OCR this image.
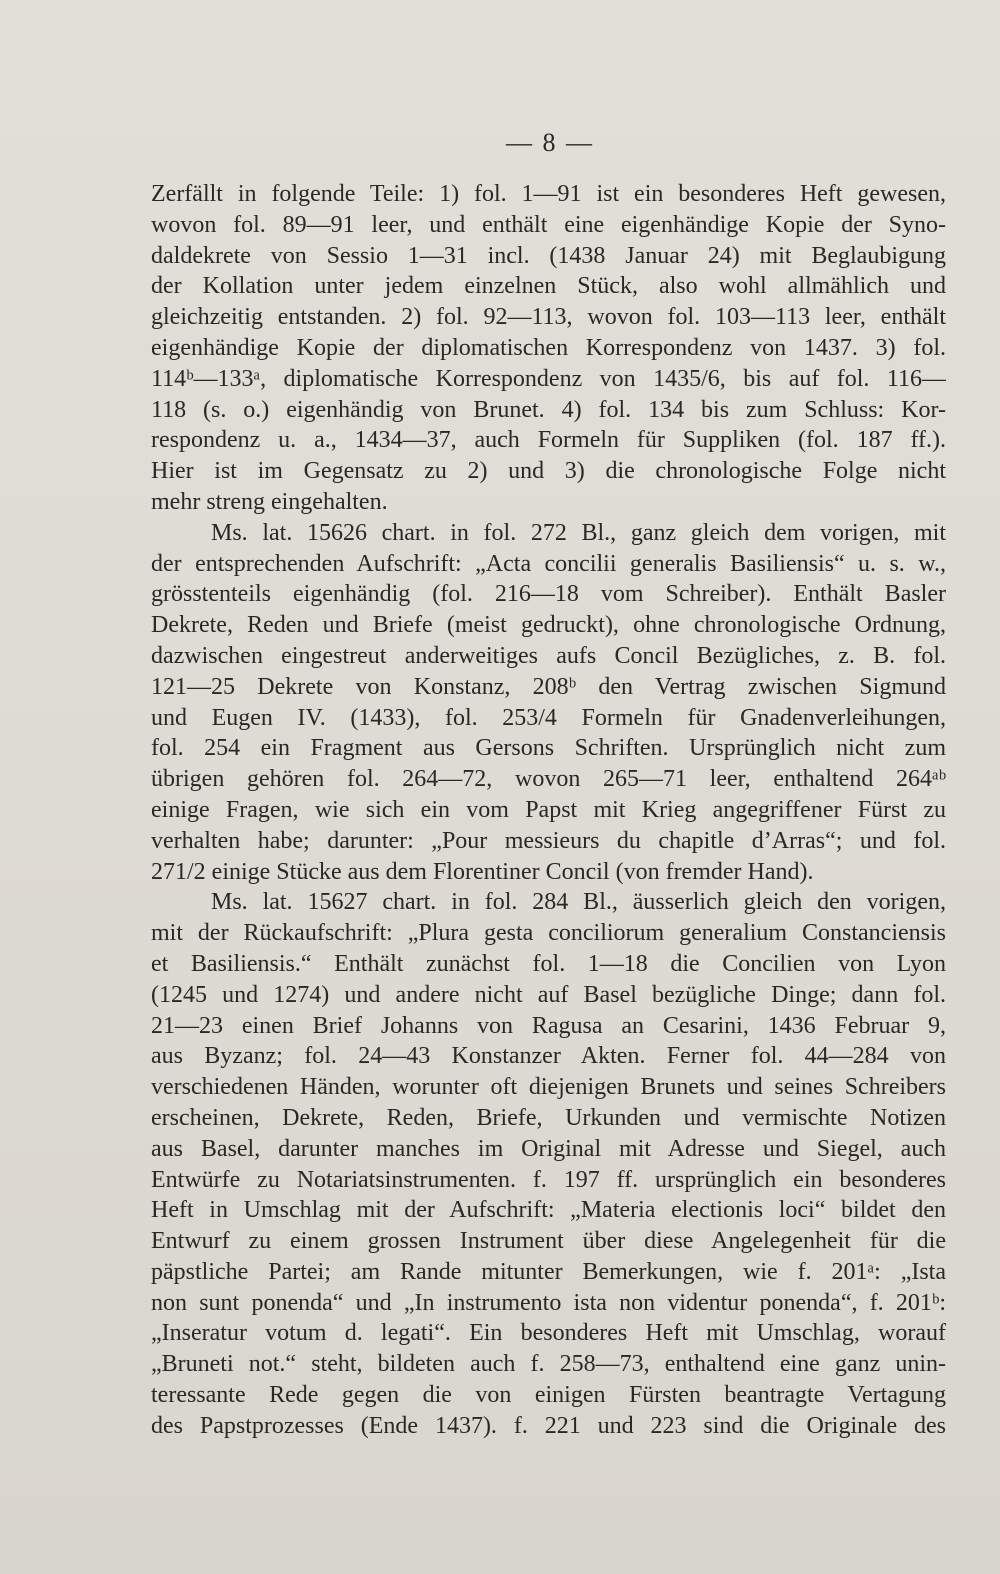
— 8 —
Zerfällt in folgende Teile: 1) fol. 1—91 ist ein besonderes Heft gewesen,
wovon fol. 89—91 leer, und enthält eine eigenhändige Kopie der Syno-
daldekrete von Sessio 1—31 incl. (1438 Januar 24) mit Beglaubigung
der Kollation unter jedem einzelnen Stück, also wohl allmählich und
gleichzeitig entstanden. 2) fol. 92—113, wovon fol. 103—113 leer, enthält
eigenhändige Kopie der diplomatischen Korrespondenz von 1437. 3) fol.
114ᵇ—133ᵃ, diplomatische Korrespondenz von 1435/6, bis auf fol. 116—
118 (s. o.) eigenhändig von Brunet. 4) fol. 134 bis zum Schluss: Kor-
respondenz u. a., 1434—37, auch Formeln für Suppliken (fol. 187 ff.).
Hier ist im Gegensatz zu 2) und 3) die chronologische Folge nicht
mehr streng eingehalten.
Ms. lat. 15626 chart. in fol. 272 Bl., ganz gleich dem vorigen, mit
der entsprechenden Aufschrift: „Acta concilii generalis Basiliensis“ u. s. w.,
grösstenteils eigenhändig (fol. 216—18 vom Schreiber). Enthält Basler
Dekrete, Reden und Briefe (meist gedruckt), ohne chronologische Ordnung,
dazwischen eingestreut anderweitiges aufs Concil Bezügliches, z. B. fol.
121—25 Dekrete von Konstanz, 208ᵇ den Vertrag zwischen Sigmund
und Eugen IV. (1433), fol. 253/4 Formeln für Gnadenverleihungen,
fol. 254 ein Fragment aus Gersons Schriften. Ursprünglich nicht zum
übrigen gehören fol. 264—72, wovon 265—71 leer, enthaltend 264ᵃᵇ
einige Fragen, wie sich ein vom Papst mit Krieg angegriffener Fürst zu
verhalten habe; darunter: „Pour messieurs du chapitle d’Arras“; und fol.
271/2 einige Stücke aus dem Florentiner Concil (von fremder Hand).
Ms. lat. 15627 chart. in fol. 284 Bl., äusserlich gleich den vorigen,
mit der Rückaufschrift: „Plura gesta conciliorum generalium Constanciensis
et Basiliensis.“ Enthält zunächst fol. 1—18 die Concilien von Lyon
(1245 und 1274) und andere nicht auf Basel bezügliche Dinge; dann fol.
21—23 einen Brief Johanns von Ragusa an Cesarini, 1436 Februar 9,
aus Byzanz; fol. 24—43 Konstanzer Akten. Ferner fol. 44—284 von
verschiedenen Händen, worunter oft diejenigen Brunets und seines Schreibers
erscheinen, Dekrete, Reden, Briefe, Urkunden und vermischte Notizen
aus Basel, darunter manches im Original mit Adresse und Siegel, auch
Entwürfe zu Notariatsinstrumenten. f. 197 ff. ursprünglich ein besonderes
Heft in Umschlag mit der Aufschrift: „Materia electionis loci“ bildet den
Entwurf zu einem grossen Instrument über diese Angelegenheit für die
päpstliche Partei; am Rande mitunter Bemerkungen, wie f. 201ᵃ: „Ista
non sunt ponenda“ und „In instrumento ista non videntur ponenda“, f. 201ᵇ:
„Inseratur votum d. legati“. Ein besonderes Heft mit Umschlag, worauf
„Bruneti not.“ steht, bildeten auch f. 258—73, enthaltend eine ganz unin-
teressante Rede gegen die von einigen Fürsten beantragte Vertagung
des Papstprozesses (Ende 1437). f. 221 und 223 sind die Originale des
